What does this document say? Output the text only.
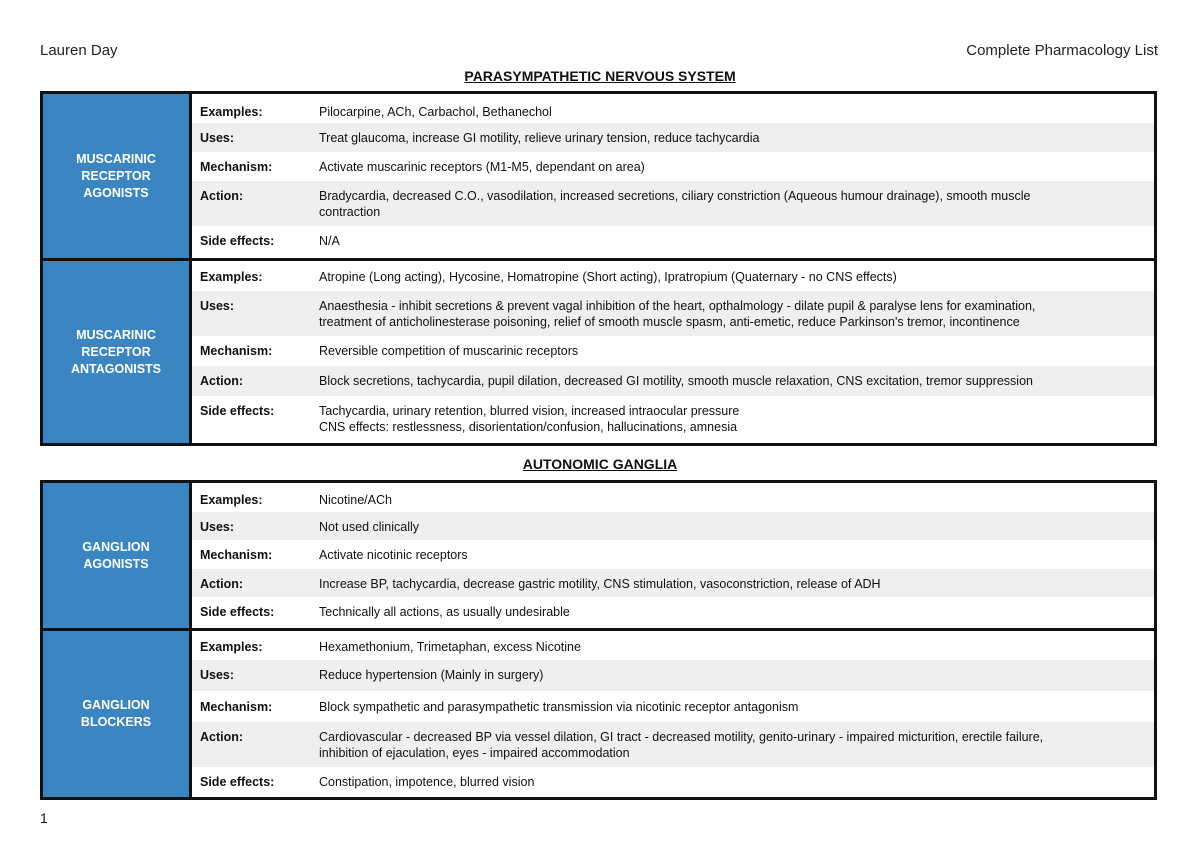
Lauren Day	Complete Pharmacology List
PARASYMPATHETIC NERVOUS SYSTEM
MUSCARINIC
RECEPTOR
AGONISTS
Examples:	Pilocarpine, ACh, Carbachol, Bethanechol
Uses:	Treat glaucoma, increase GI motility, relieve urinary tension, reduce tachycardia
Mechanism:	Activate muscarinic receptors (M1-M5, dependant on area)
Action:	Bradycardia, decreased C.O., vasodilation, increased secretions, ciliary constriction (Aqueous humour drainage), smooth muscle
contraction
Side effects:	N/A
MUSCARINIC
RECEPTOR
ANTAGONISTS
Examples:	Atropine (Long acting), Hycosine, Homatropine (Short acting), Ipratropium (Quaternary - no CNS effects)
Uses:	Anaesthesia - inhibit secretions & prevent vagal inhibition of the heart, opthalmology - dilate pupil & paralyse lens for examination,
treatment of anticholinesterase poisoning, relief of smooth muscle spasm, anti-emetic, reduce Parkinson's tremor, incontinence
Mechanism:	Reversible competition of muscarinic receptors
Action:	Block secretions, tachycardia, pupil dilation, decreased GI motility, smooth muscle relaxation, CNS excitation, tremor suppression
Side effects:	Tachycardia, urinary retention, blurred vision, increased intraocular pressure
CNS effects: restlessness, disorientation/confusion, hallucinations, amnesia
AUTONOMIC GANGLIA
GANGLION
AGONISTS
Examples:	Nicotine/ACh
Uses:	Not used clinically
Mechanism:	Activate nicotinic receptors
Action:	Increase BP, tachycardia, decrease gastric motility, CNS stimulation, vasoconstriction, release of ADH
Side effects:	Technically all actions, as usually undesirable
GANGLION
BLOCKERS
Examples:	Hexamethonium, Trimetaphan, excess Nicotine
Uses:	Reduce hypertension (Mainly in surgery)
Mechanism:	Block sympathetic and parasympathetic transmission via nicotinic receptor antagonism
Action:	Cardiovascular - decreased BP via vessel dilation, GI tract - decreased motility, genito-urinary - impaired micturition, erectile failure,
inhibition of ejaculation, eyes - impaired accommodation
Side effects:	Constipation, impotence, blurred vision
1
